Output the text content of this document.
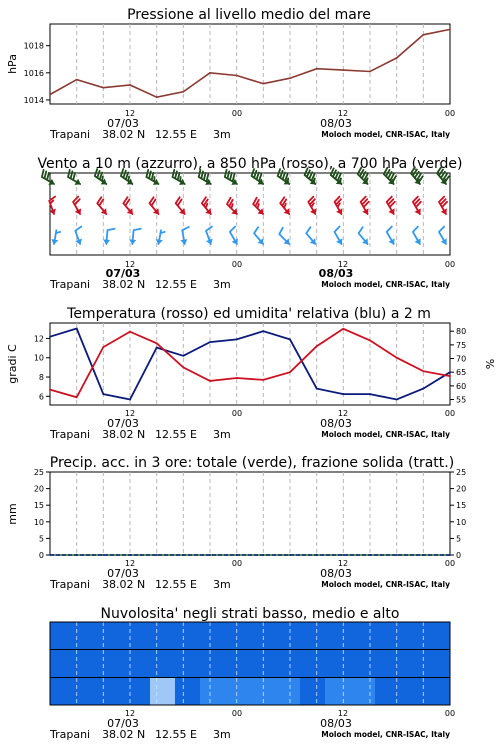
Pressione al livello medio del mare
1014
1016
1018
hPa
12	00	12	00
07/03	08/03
Trapani 38.02 N 12.55 E 3m	Moloch model, CNR-ISAC, Italy
Vento a 10 m (azzurro), a 850 hPa (rosso), a 700 hPa (verde)
12	00	12	00
07/03	08/03
Trapani 38.02 N 12.55 E 3m	Moloch model, CNR-ISAC, Italy
Temperatura (rosso) ed umidita' relativa (blu) a 2 m
6
8
10
12
55
60
65
70
75
80
gradi C	%
12	00	12	00
07/03	08/03
Trapani 38.02 N 12.55 E 3m	Moloch model, CNR-ISAC, Italy
Precip. acc. in 3 ore: totale (verde), frazione solida (tratt.)
0
5
10
15
20
25
0
5
10
15
20
25
mm
12	00	12	00
07/03	08/03
Trapani 38.02 N 12.55 E 3m	Moloch model, CNR-ISAC, Italy
Nuvolosita' negli strati basso, medio e alto
12	00	12	00
07/03	08/03
Trapani 38.02 N 12.55 E 3m	Moloch model, CNR-ISAC, Italy
